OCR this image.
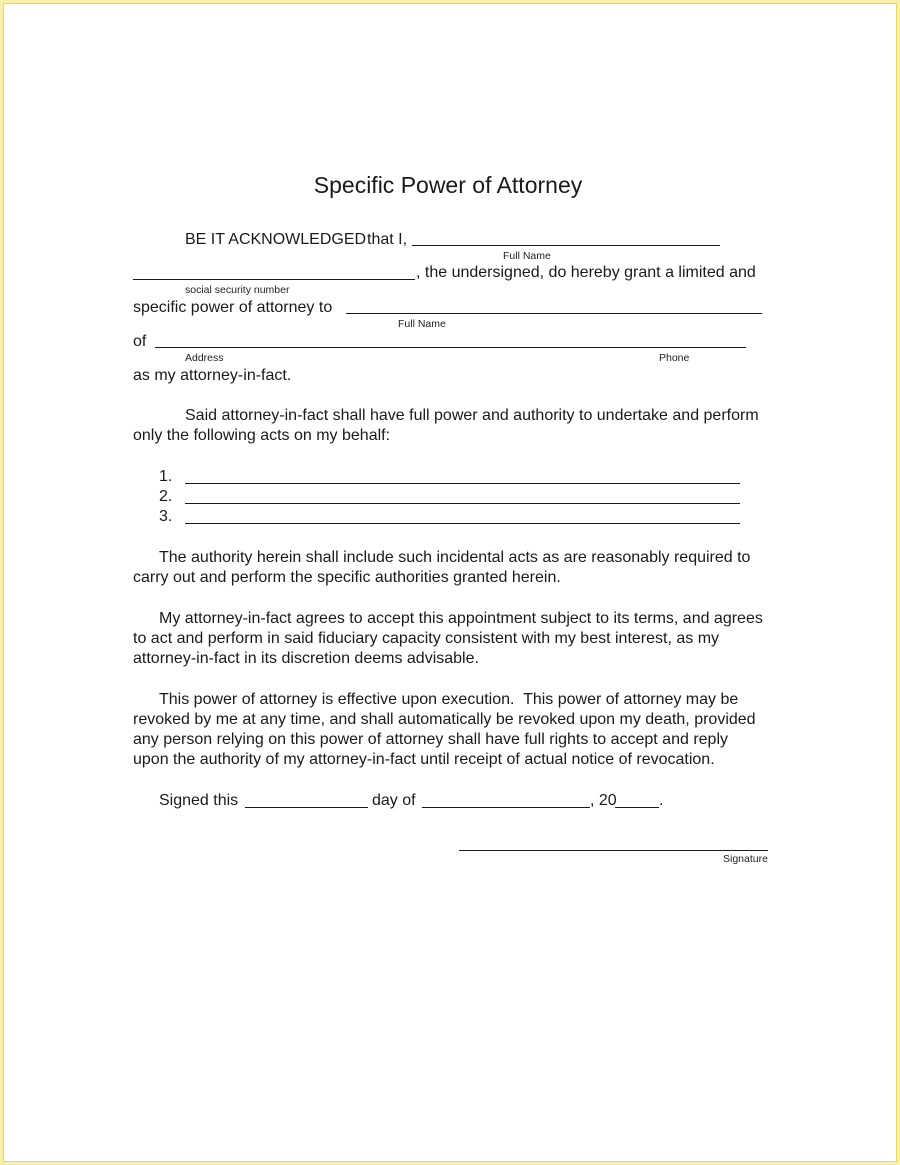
Specific Power of Attorney
BE IT ACKNOWLEDGED that I,
Full Name
, the undersigned, do hereby grant a limited and
social security number
specific power of attorney to
Full Name
of
Address	Phone
as my attorney-in-fact.
Said attorney-in-fact shall have full power and authority to undertake and perform
only the following acts on my behalf:
1.
2.
3.
The authority herein shall include such incidental acts as are reasonably required to
carry out and perform the specific authorities granted herein.
My attorney-in-fact agrees to accept this appointment subject to its terms, and agrees
to act and perform in said fiduciary capacity consistent with my best interest, as my
attorney-in-fact in its discretion deems advisable.
This power of attorney is effective upon execution.  This power of attorney may be
revoked by me at any time, and shall automatically be revoked upon my death, provided
any person relying on this power of attorney shall have full rights to accept and reply
upon the authority of my attorney-in-fact until receipt of actual notice of revocation.
Signed this	day of	, 20	.
Signature
